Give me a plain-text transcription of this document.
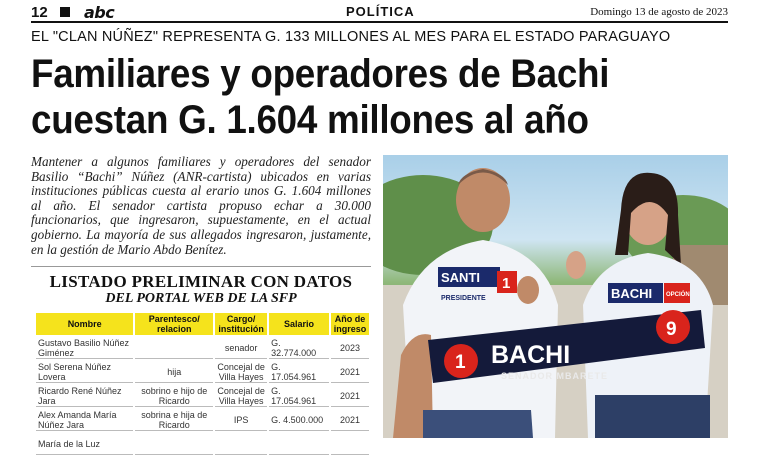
12 abc	POLÍTICA	Domingo 13 de agosto de 2023
EL "CLAN NÚÑEZ" REPRESENTA G. 133 MILLONES AL MES PARA EL ESTADO PARAGUAYO
Familiares y operadores de Bachi
cuestan G. 1.604 millones al año
Mantener a algunos familiares y operadores del senador Basilio “Bachi” Núñez (ANR-cartista) ubicados en varias instituciones públicas cuesta al erario unos G. 1.604 millones al año. El senador cartista propuso echar a 30.000 funcionarios, que ingresaron, supuestamente, en el actual gobierno. La mayoría de sus allegados ingresaron, justamente, en la gestión de Mario Abdo Benítez.
LISTADO PRELIMINAR CON DATOS
DEL PORTAL WEB DE LA SFP
Nombre	Parentesco/ relacion	Cargo/ institución	Salario	Año de ingreso
Gustavo Basilio Núñez Giménez		senador	G. 32.774.000	2023
Sol Serena Núñez Lovera	hija	Concejal de Villa Hayes	G. 17.054.961	2021
Ricardo René Núñez Jara	sobrino e hijo de Ricardo	Concejal de Villa Hayes	G. 17.054.961	2021
Alex Amanda María Núñez Jara	sobrina e hija de Ricardo	IPS	G. 4.500.000	2021
María de la Luz				
SANTI
PRESIDENTE
1
BACHI OPCIÓN
1 BACHI
SENADOR MBARETE
9
